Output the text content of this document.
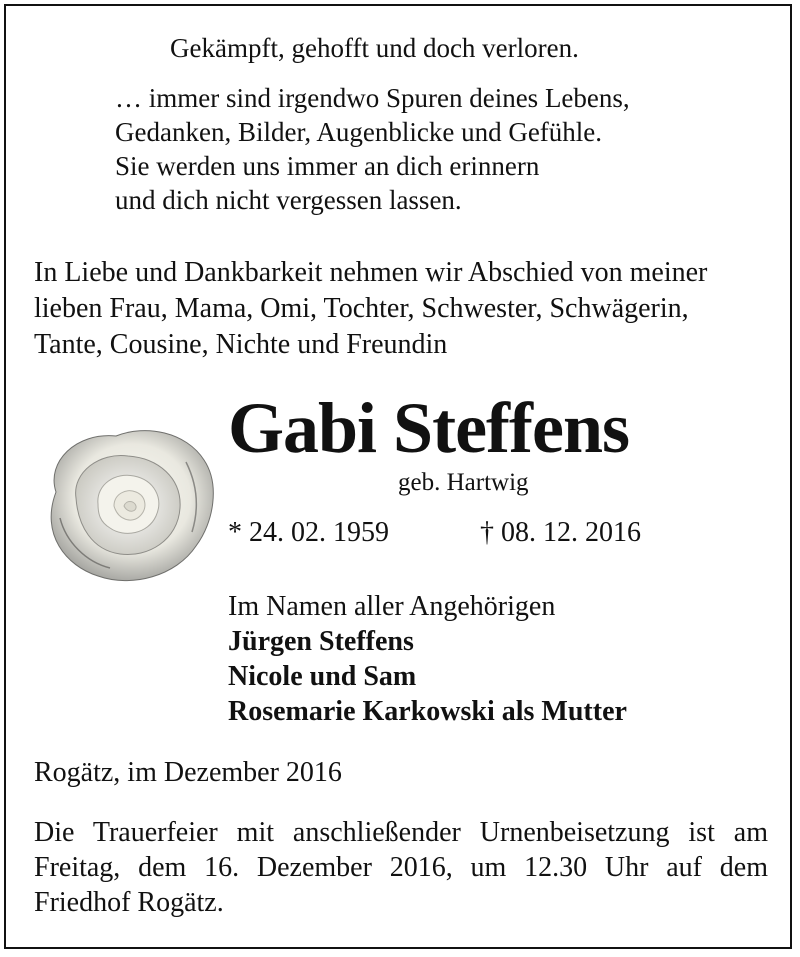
Gekämpft, gehofft und doch verloren.
… immer sind irgendwo Spuren deines Lebens,
Gedanken, Bilder, Augenblicke und Gefühle.
Sie werden uns immer an dich erinnern
und dich nicht vergessen lassen.
In Liebe und Dankbarkeit nehmen wir Abschied von meiner
lieben Frau, Mama, Omi, Tochter, Schwester, Schwägerin,
Tante, Cousine, Nichte und Freundin
Gabi Steffens
geb. Hartwig
* 24. 02. 1959	† 08. 12. 2016
Im Namen aller Angehörigen
Jürgen Steffens
Nicole und Sam
Rosemarie Karkowski als Mutter
Rogätz, im Dezember 2016
Die Trauerfeier mit anschließender Urnenbeisetzung ist am
Freitag, dem 16. Dezember 2016, um 12.30 Uhr auf dem
Friedhof Rogätz.
